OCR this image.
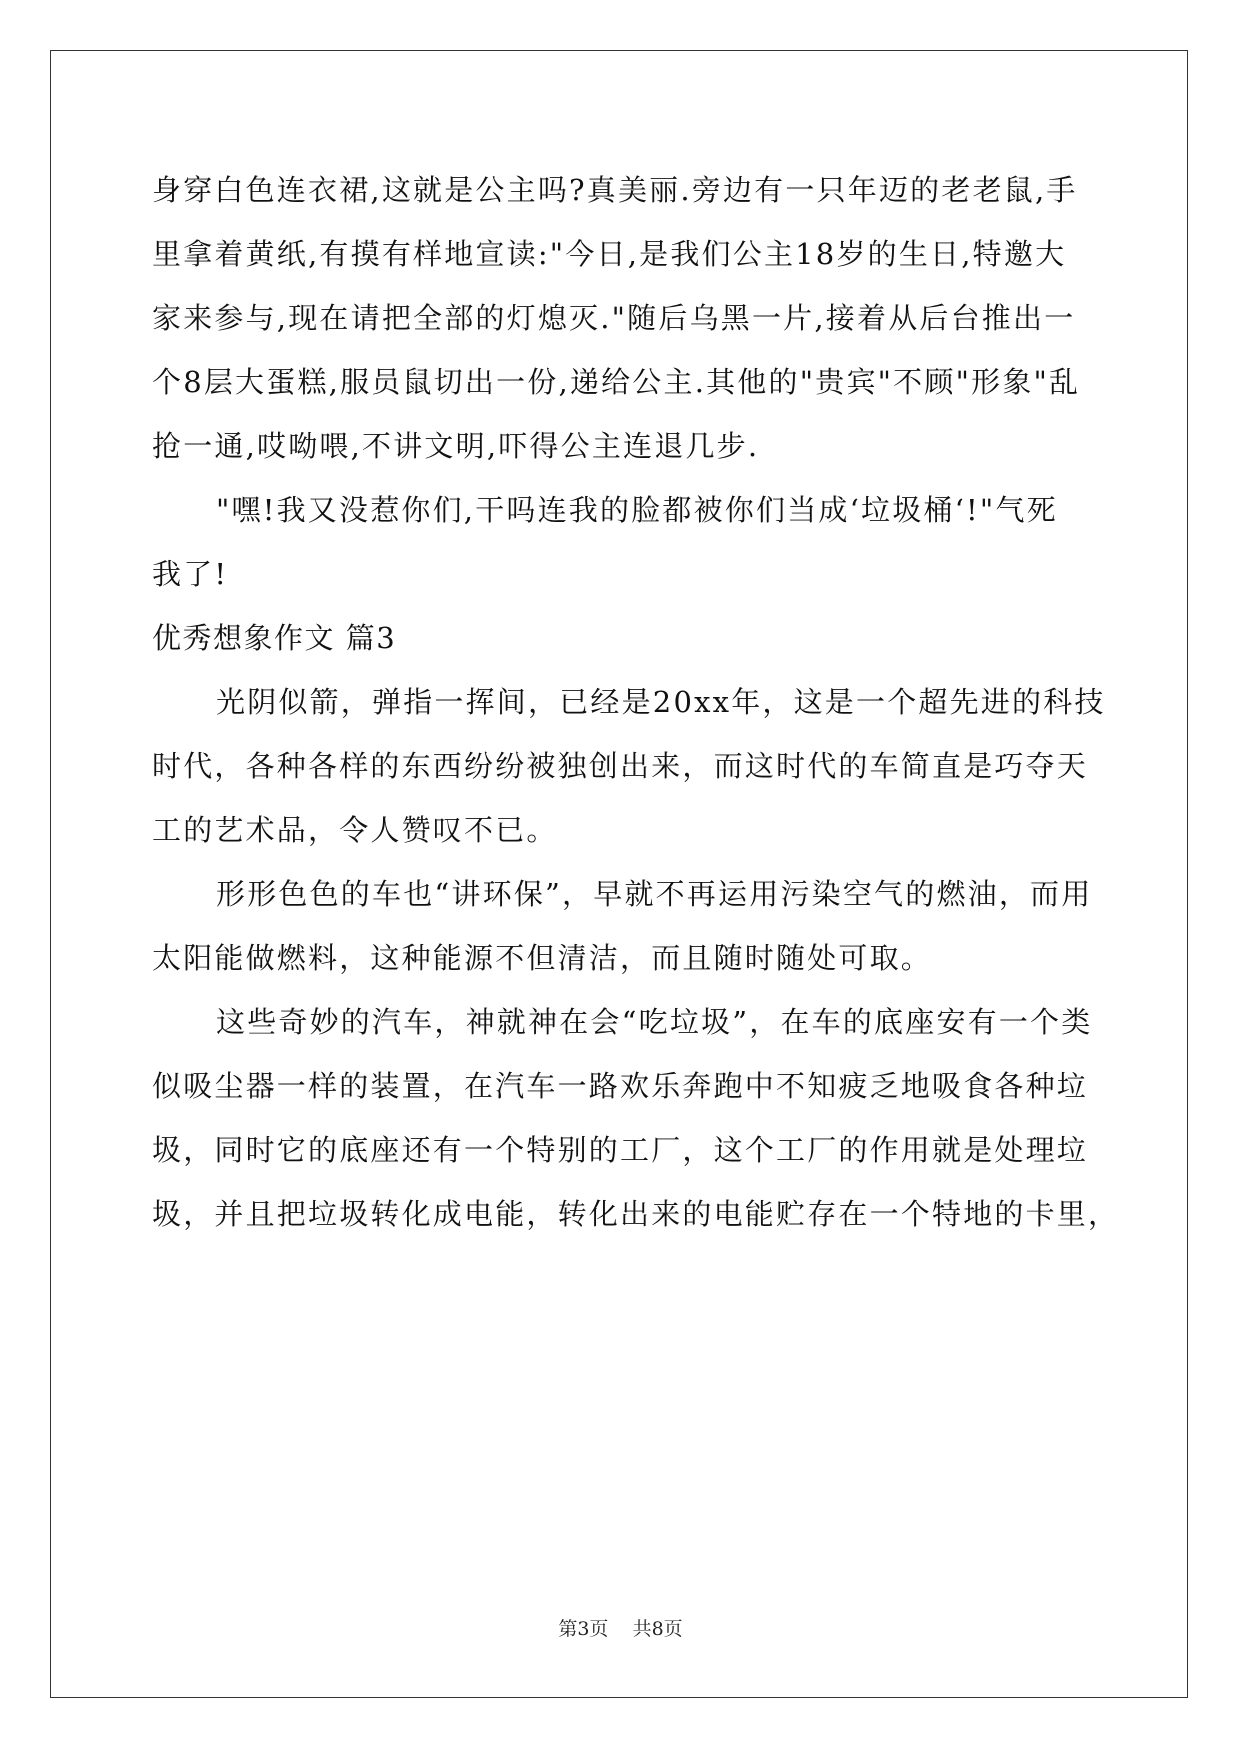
身穿白色连衣裙,这就是公主吗?真美丽.旁边有一只年迈的老老鼠,手
里拿着黄纸,有摸有样地宣读:"今日,是我们公主18岁的生日,特邀大
家来参与,现在请把全部的灯熄灭."随后乌黑一片,接着从后台推出一
个8层大蛋糕,服员鼠切出一份,递给公主.其他的"贵宾"不顾"形象"乱
抢一通,哎呦喂,不讲文明,吓得公主连退几步.
"嘿!我又没惹你们,干吗连我的脸都被你们当成‘垃圾桶‘!"气死
我了!
优秀想象作文 篇3
光阴似箭，弹指一挥间，已经是20xx年，这是一个超先进的科技
时代，各种各样的东西纷纷被独创出来，而这时代的车简直是巧夺天
工的艺术品，令人赞叹不已。
形形色色的车也“讲环保”，早就不再运用污染空气的燃油，而用
太阳能做燃料，这种能源不但清洁，而且随时随处可取。
这些奇妙的汽车，神就神在会“吃垃圾”，在车的底座安有一个类
似吸尘器一样的装置，在汽车一路欢乐奔跑中不知疲乏地吸食各种垃
圾，同时它的底座还有一个特别的工厂，这个工厂的作用就是处理垃
圾，并且把垃圾转化成电能，转化出来的电能贮存在一个特地的卡里，
第3页    共8页
